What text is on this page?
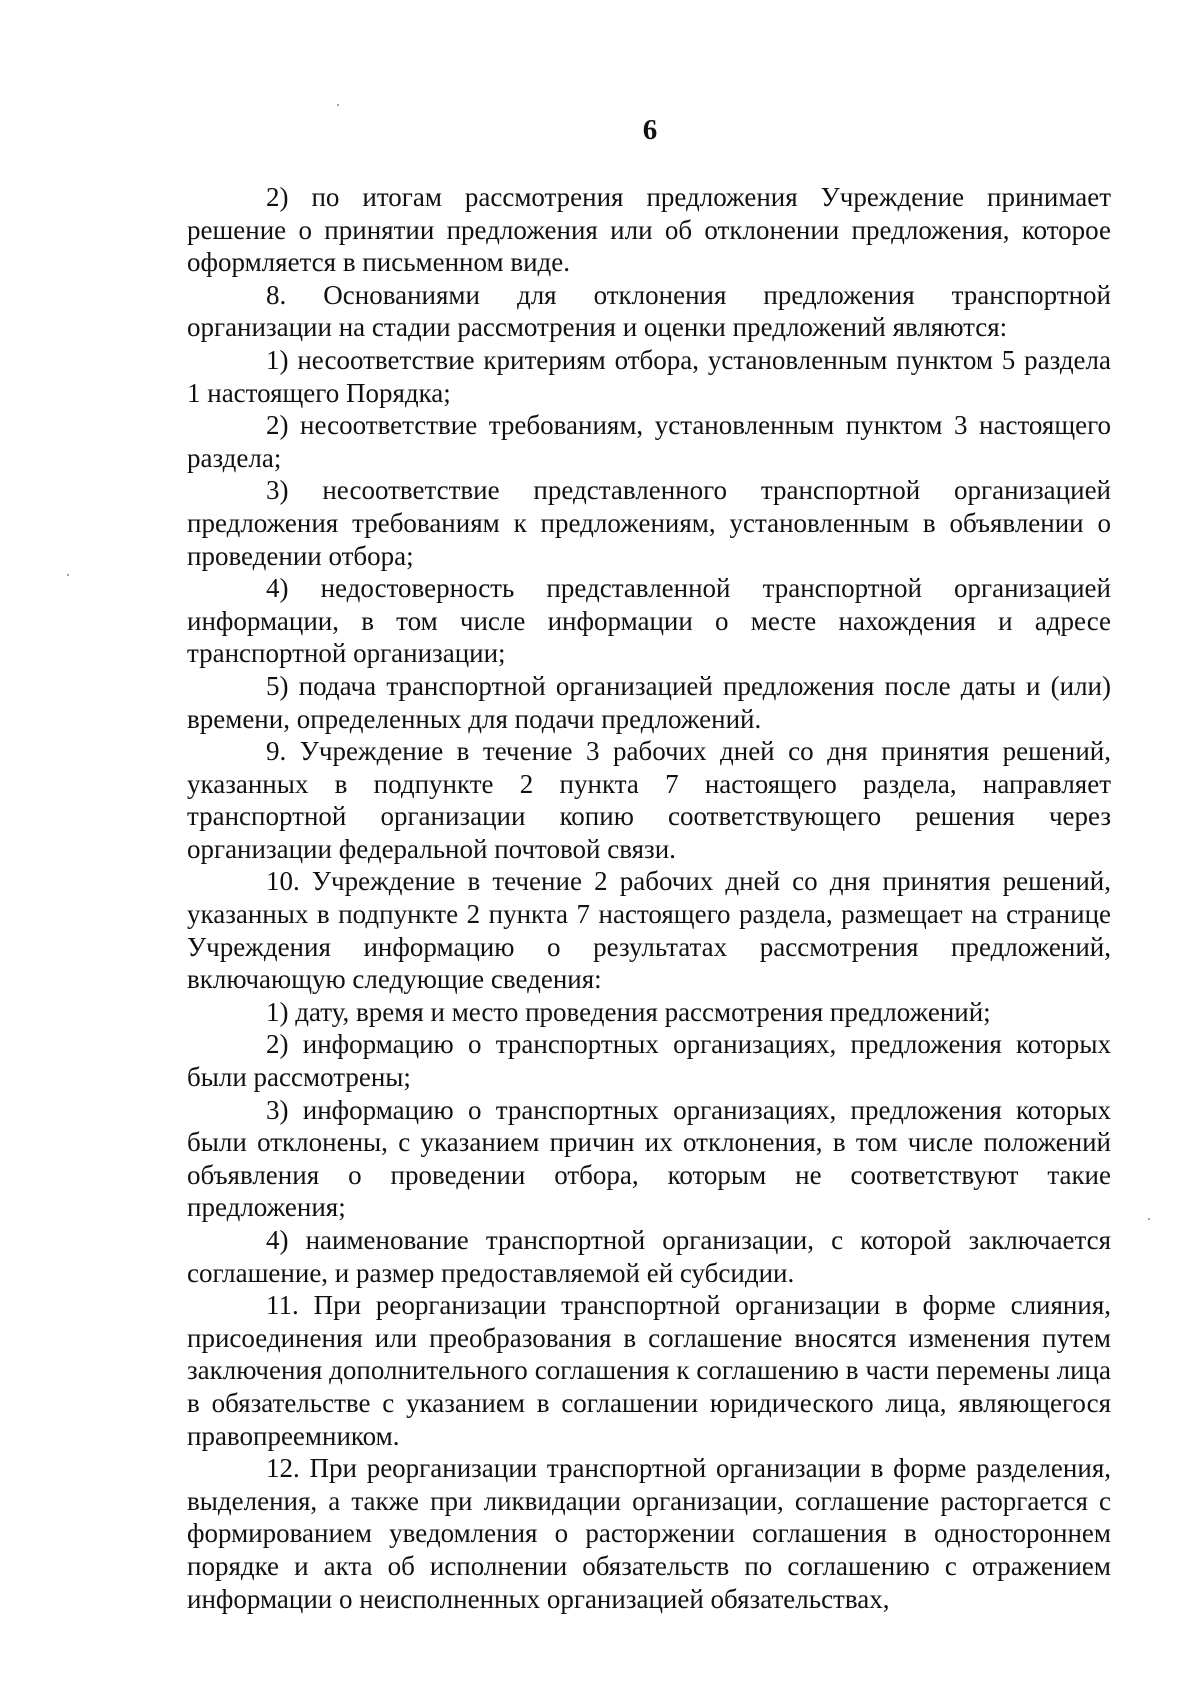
6

2) по итогам рассмотрения предложения Учреждение принимает решение о принятии предложения или об отклонении предложения, которое оформляется в письменном виде.

8. Основаниями для отклонения предложения транспортной организации на стадии рассмотрения и оценки предложений являются:

1) несоответствие критериям отбора, установленным пунктом 5 раздела 1 настоящего Порядка;

2) несоответствие требованиям, установленным пунктом 3 настоящего раздела;

3) несоответствие представленного транспортной организацией предложения требованиям к предложениям, установленным в объявлении о проведении отбора;

4) недостоверность представленной транспортной организацией информации, в том числе информации о месте нахождения и адресе транспортной организации;

5) подача транспортной организацией предложения после даты и (или) времени, определенных для подачи предложений.

9. Учреждение в течение 3 рабочих дней со дня принятия решений, указанных в подпункте 2 пункта 7 настоящего раздела, направляет транспортной организации копию соответствующего решения через организации федеральной почтовой связи.

10. Учреждение в течение 2 рабочих дней со дня принятия решений, указанных в подпункте 2 пункта 7 настоящего раздела, размещает на странице Учреждения информацию о результатах рассмотрения предложений, включающую следующие сведения:

1) дату, время и место проведения рассмотрения предложений;

2) информацию о транспортных организациях, предложения которых были рассмотрены;

3) информацию о транспортных организациях, предложения которых были отклонены, с указанием причин их отклонения, в том числе положений объявления о проведении отбора, которым не соответствуют такие предложения;

4) наименование транспортной организации, с которой заключается соглашение, и размер предоставляемой ей субсидии.

11. При реорганизации транспортной организации в форме слияния, присоединения или преобразования в соглашение вносятся изменения путем заключения дополнительного соглашения к соглашению в части перемены лица в обязательстве с указанием в соглашении юридического лица, являющегося правопреемником.

12. При реорганизации транспортной организации в форме разделения, выделения, а также при ликвидации организации, соглашение расторгается с формированием уведомления о расторжении соглашения в одностороннем порядке и акта об исполнении обязательств по соглашению с отражением информации о неисполненных организацией обязательствах,
